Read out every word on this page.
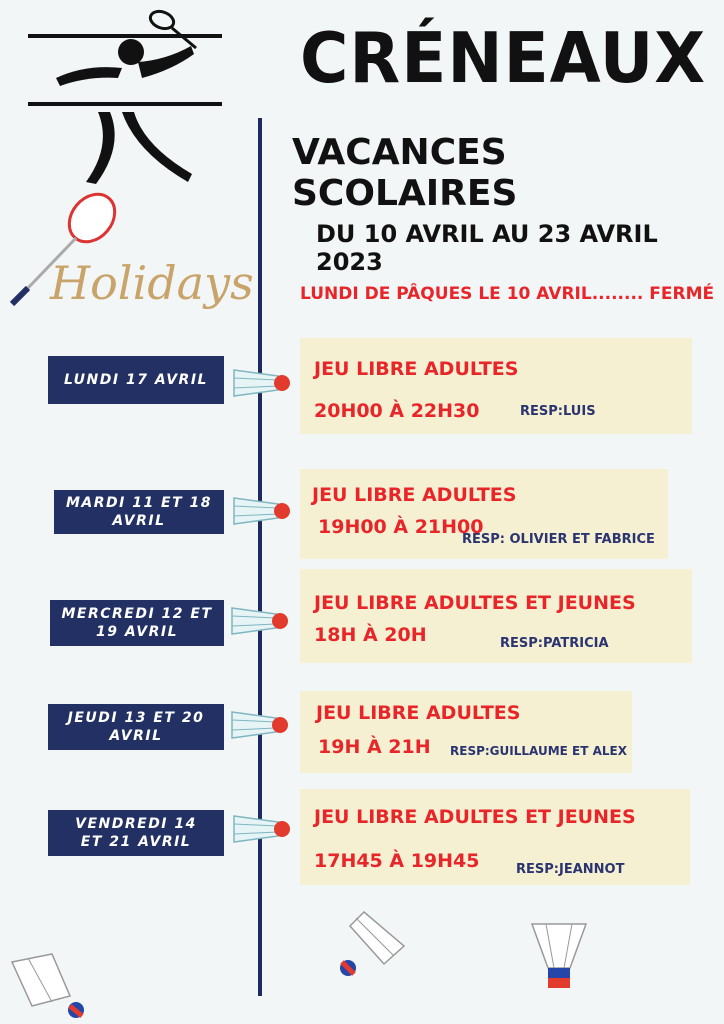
Holidays
CRÉNEAUX
VACANCES SCOLAIRES
DU 10 AVRIL AU 23 AVRIL 2023
LUNDI DE PÂQUES LE 10 AVRIL........ FERMÉ
LUNDI 17 AVRIL	JEU LIBRE ADULTES
20H00 À 22H30	RESP:LUIS
MARDI 11 ET 18 AVRIL
JEU LIBRE ADULTES
19H00 À 21H00
RESP: OLIVIER ET FABRICE
MERCREDI 12 ET 19 AVRIL
JEU LIBRE ADULTES ET JEUNES
18H À 20H	RESP:PATRICIA
JEUDI 13 ET 20 AVRIL
JEU LIBRE ADULTES
19H À 21H RESP:GUILLAUME ET ALEX
VENDREDI 14 ET 21 AVRIL
JEU LIBRE ADULTES ET JEUNES
17H45 À 19H45	RESP:JEANNOT
